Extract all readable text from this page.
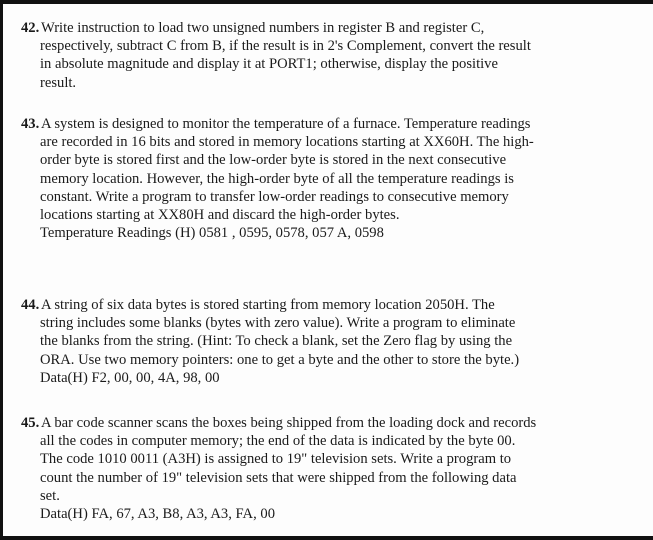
42. Write instruction to load two unsigned numbers in register B and register C,
respectively, subtract C from B, if the result is in 2's Complement, convert the result
in absolute magnitude and display it at PORT1; otherwise, display the positive
result.
43. A system is designed to monitor the temperature of a furnace. Temperature readings
are recorded in 16 bits and stored in memory locations starting at XX60H. The high-
order byte is stored first and the low-order byte is stored in the next consecutive
memory location. However, the high-order byte of all the temperature readings is
constant. Write a program to transfer low-order readings to consecutive memory
locations starting at XX80H and discard the high-order bytes.
Temperature Readings (H) 0581 , 0595, 0578, 057 A, 0598
44. A string of six data bytes is stored starting from memory location 2050H. The
string includes some blanks (bytes with zero value). Write a program to eliminate
the blanks from the string. (Hint: To check a blank, set the Zero flag by using the
ORA. Use two memory pointers: one to get a byte and the other to store the byte.)
Data(H) F2, 00, 00, 4A, 98, 00
45. A bar code scanner scans the boxes being shipped from the loading dock and records
all the codes in computer memory; the end of the data is indicated by the byte 00.
The code 1010 0011 (A3H) is assigned to 19" television sets. Write a program to
count the number of 19" television sets that were shipped from the following data
set.
Data(H) FA, 67, A3, B8, A3, A3, FA, 00
